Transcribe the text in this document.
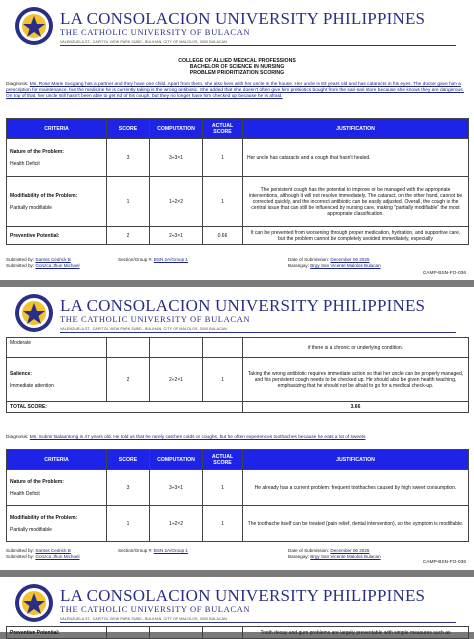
LA CONSOLACION UNIVERSITY PHILIPPINES
THE CATHOLIC UNIVERSITY OF BULACAN
VALENZUELA ST., CAPITOL VIEW PARK SUBD., BULIHAN, CITY OF MALOLOS, 3000 BULACAN
COLLEGE OF ALLIED MEDICAL PROFESSIONS
BACHELOR OF SCIENCE IN NURSING
PROBLEM PRIORITIZATION SCORING
Diagnosis: Ms. Rose Marie Sucgang has a partner and they have one child. Apart from them, she also lives with her uncle in the house. Her uncle is 83 years old and has cataracts in his eyes. The doctor gave him a prescription for maintenance, but the medicine he is currently taking is the wrong antibiotic. She added that she doesn't often give him prebiotics bought from the sari-sari store because she knows they are dangerous. On top of that, her uncle still hasn't been able to get rid of his cough, but they no longer have him checked up because he is afraid.
CRITERIA	SCORE	COMPUTATION	ACTUAL SCORE	JUSTIFICATION

Nature of the Problem:
Health Deficit	3	3÷3×1	1	Her uncle has cataracts and a cough that hasn't healed.

Modifiability of the Problem:
Partially modifiable	1	1÷2×2	1	The persistent cough has the potential to improve or be managed with the appropriate interventions, although it will not resolve immediately. The cataract, on the other hand, cannot be corrected quickly, and the incorrect antibiotic can be easily adjusted. Overall, the cough is the central issue that can still be influenced by nursing care, making "partially modifiable" the most appropriate classification.
Preventive Potential:	2	2÷3×1	0.66	It can be prevented from worsening through proper medication, hydration, and supportive care, but the problem cannot be completely avoided immediately, especially
Submitted by: Santos Cedrick B
Submitted by: Gonzca Jhun Michael
Section/Group #: BSN 2A/Group 1	Date of Submission: December 06 2025
Barangay: Brgy San Vicente Malolos Bulacan
CAMP-BSN-FO-036
LA CONSOLACION UNIVERSITY PHILIPPINES
THE CATHOLIC UNIVERSITY OF BULACAN
VALENZUELA ST., CAPITOL VIEW PARK SUBD., BULIHAN, CITY OF MALOLOS, 3000 BULACAN
Moderate				if there is a chronic or underlying condition.

Salience:
Immediate attention	2	2÷2×1	1	Taking the wrong antibiotic requires immediate action so that her uncle can be properly managed, and his persistent cough needs to be checked up. He should also be given health teaching, emphasizing that he should not be afraid to go for a medical check-up.
TOTAL SCORE:				3.66
Diagnosis: Ms. Subnir Balauntong is 47 years old. He told us that he rarely catches colds or coughs, but he often experiences toothaches because he eats a lot of sweets
CRITERIA	SCORE	COMPUTATION	ACTUAL SCORE	JUSTIFICATION

Nature of the Problem:
Health Deficit	3	3÷3×1	1	He already has a current problem: frequent toothaches caused by high sweet consumption.

Modifiability of the Problem:
Partially modifiable	1	1÷2×2	1	The toothache itself can be treated (pain relief, dental intervention), so the symptom is modifiable.
Submitted by: Santos Cedrick B
Submitted by: Gonzca Jhun Michael
Section/Group #: BSN 2A/Group 1	Date of Submission: December 06 2025
Barangay: Brgy San Vicente Malolos Bulacan
CAMP-BSN-FO-036
LA CONSOLACION UNIVERSITY PHILIPPINES
THE CATHOLIC UNIVERSITY OF BULACAN
VALENZUELA ST., CAPITOL VIEW PARK SUBD., BULIHAN, CITY OF MALOLOS, 3000 BULACAN
Preventive Potential:				Tooth decay and gum problems are largely preventable with simple measures such as
